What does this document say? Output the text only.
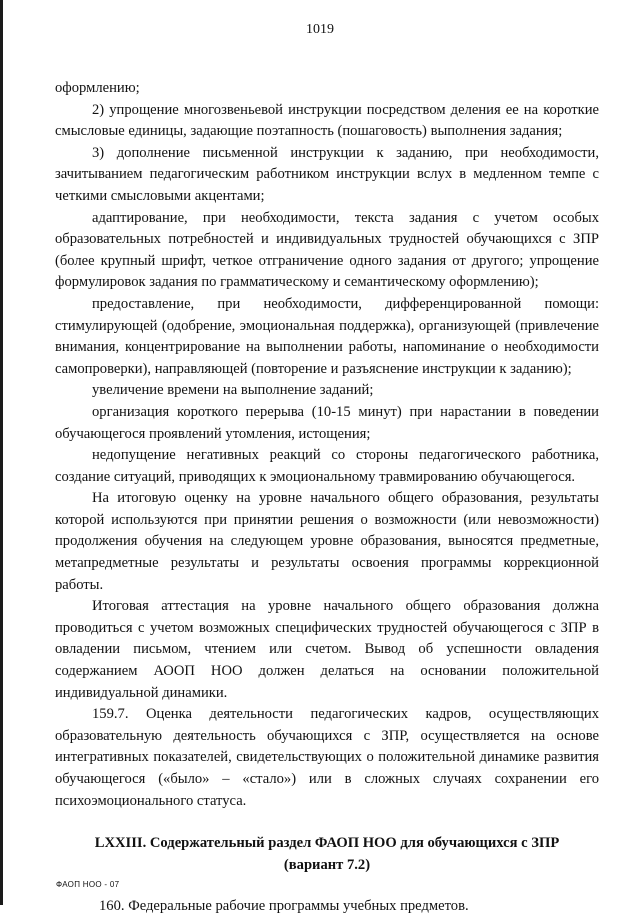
1019

оформлению;

2) упрощение многозвеньевой инструкции посредством деления ее на короткие смысловые единицы, задающие поэтапность (пошаговость) выполнения задания;

3) дополнение письменной инструкции к заданию, при необходимости, зачитыванием педагогическим работником инструкции вслух в медленном темпе с четкими смысловыми акцентами;

адаптирование, при необходимости, текста задания с учетом особых образовательных потребностей и индивидуальных трудностей обучающихся с ЗПР (более крупный шрифт, четкое отграничение одного задания от другого; упрощение формулировок задания по грамматическому и семантическому оформлению);

предоставление, при необходимости, дифференцированной помощи: стимулирующей (одобрение, эмоциональная поддержка), организующей (привлечение внимания, концентрирование на выполнении работы, напоминание о необходимости самопроверки), направляющей (повторение и разъяснение инструкции к заданию);

увеличение времени на выполнение заданий;

организация короткого перерыва (10-15 минут) при нарастании в поведении обучающегося проявлений утомления, истощения;

недопущение негативных реакций со стороны педагогического работника, создание ситуаций, приводящих к эмоциональному травмированию обучающегося.

На итоговую оценку на уровне начального общего образования, результаты которой используются при принятии решения о возможности (или невозможности) продолжения обучения на следующем уровне образования, выносятся предметные, метапредметные результаты и результаты освоения программы коррекционной работы.

Итоговая аттестация на уровне начального общего образования должна проводиться с учетом возможных специфических трудностей обучающегося с ЗПР в овладении письмом, чтением или счетом. Вывод об успешности овладения содержанием АООП НОО должен делаться на основании положительной индивидуальной динамики.

159.7. Оценка деятельности педагогических кадров, осуществляющих образовательную деятельность обучающихся с ЗПР, осуществляется на основе интегративных показателей, свидетельствующих о положительной динамике развития обучающегося («было» – «стало») или в сложных случаях сохранении его психоэмоционального статуса.

LXXIII. Содержательный раздел ФАОП НОО для обучающихся с ЗПР
(вариант 7.2)

160. Федеральные рабочие программы учебных предметов.

ФАОП НОО - 07
